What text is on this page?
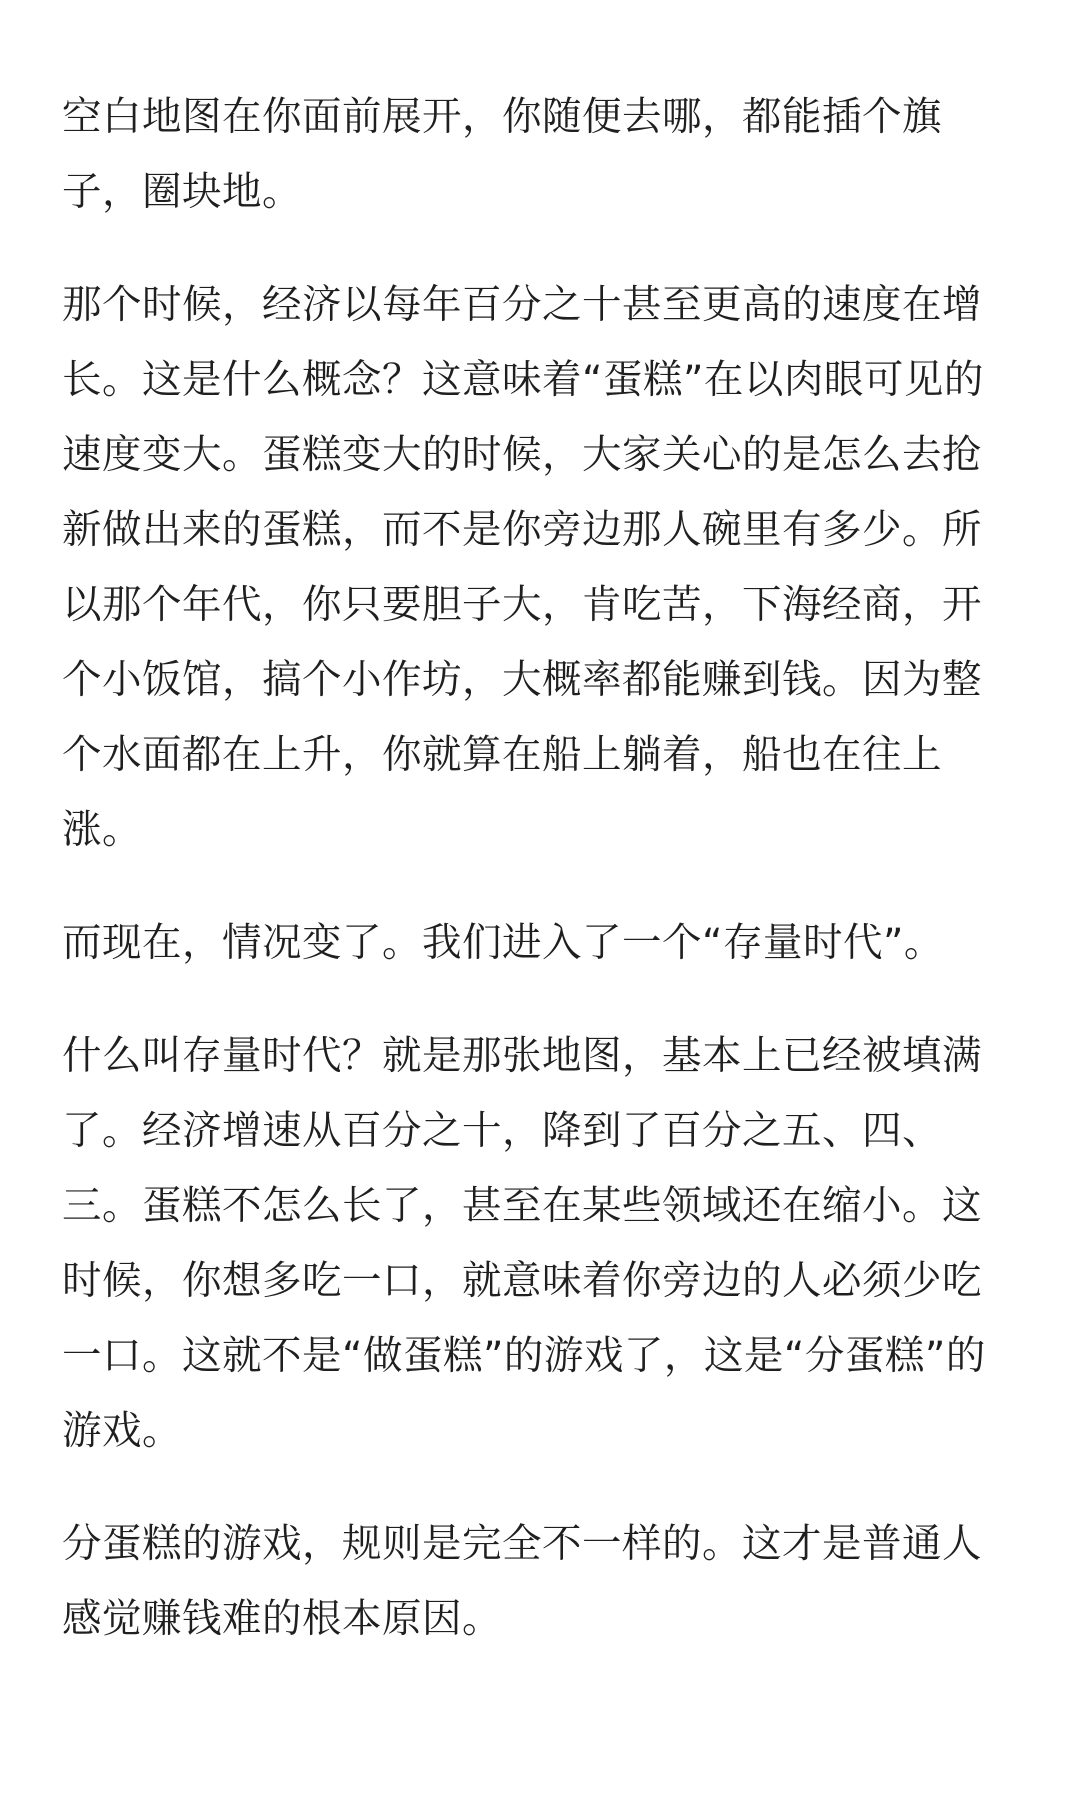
空白地图在你面前展开，你随便去哪，都能插个旗子，圈块地。

那个时候，经济以每年百分之十甚至更高的速度在增长。这是什么概念？这意味着“蛋糕”在以肉眼可见的速度变大。蛋糕变大的时候，大家关心的是怎么去抢新做出来的蛋糕，而不是你旁边那人碗里有多少。所以那个年代，你只要胆子大，肯吃苦，下海经商，开个小饭馆，搞个小作坊，大概率都能赚到钱。因为整个水面都在上升，你就算在船上躺着，船也在往上涨。

而现在，情况变了。我们进入了一个“存量时代”。

什么叫存量时代？就是那张地图，基本上已经被填满了。经济增速从百分之十，降到了百分之五、四、三。蛋糕不怎么长了，甚至在某些领域还在缩小。这时候，你想多吃一口，就意味着你旁边的人必须少吃一口。这就不是“做蛋糕”的游戏了，这是“分蛋糕”的游戏。

分蛋糕的游戏，规则是完全不一样的。这才是普通人感觉赚钱难的根本原因。
